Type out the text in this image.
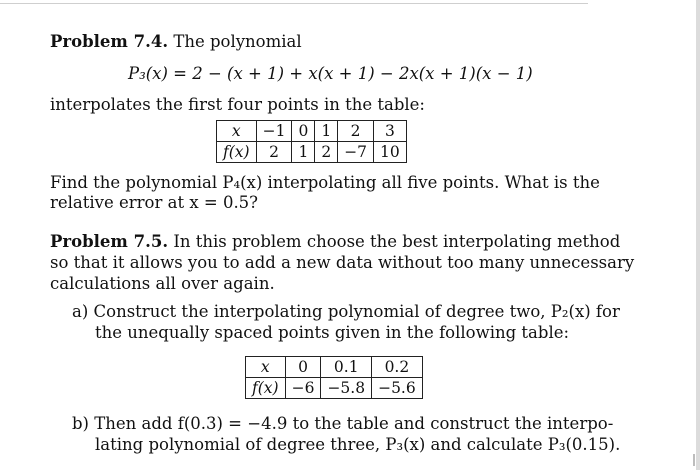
Problem 7.4. The polynomial
P₃(x) = 2 − (x + 1) + x(x + 1) − 2x(x + 1)(x − 1)
interpolates the first four points in the table:
x	−1	0	1	2	3
f(x)	2	1	2	−7	10
Find the polynomial P₄(x) interpolating all five points. What is the
relative error at x = 0.5?
Problem 7.5. In this problem choose the best interpolating method
so that it allows you to add a new data without too many unnecessary
calculations all over again.
a) Construct the interpolating polynomial of degree two, P₂(x) for
the unequally spaced points given in the following table:
x	0	0.1	0.2
f(x)	−6	−5.8	−5.6
b) Then add f(0.3) = −4.9 to the table and construct the interpo-
lating polynomial of degree three, P₃(x) and calculate P₃(0.15).
